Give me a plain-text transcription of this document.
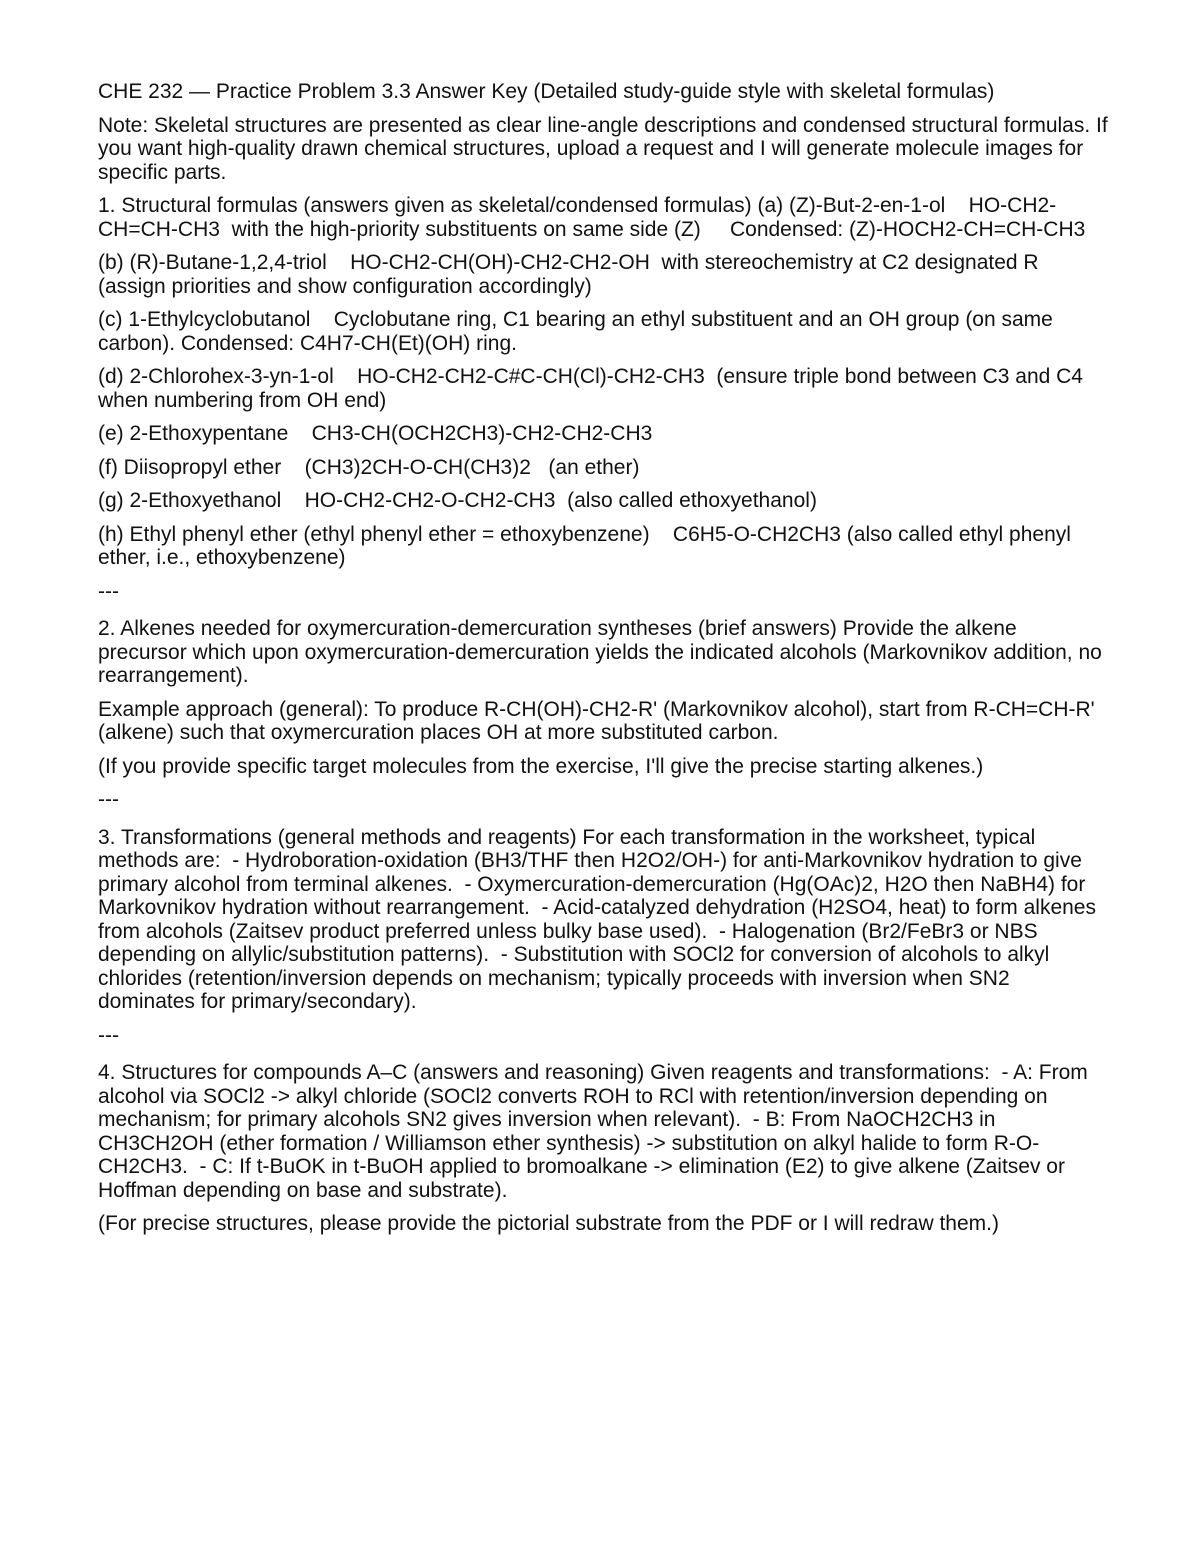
CHE 232 — Practice Problem 3.3 Answer Key (Detailed study-guide style with skeletal formulas)

Note: Skeletal structures are presented as clear line-angle descriptions and condensed structural formulas. If you want high-quality drawn chemical structures, upload a request and I will generate molecule images for specific parts.

1. Structural formulas (answers given as skeletal/condensed formulas) (a) (Z)-But-2-en-1-ol    HO-CH2-CH=CH-CH3  with the high-priority substituents on same side (Z)     Condensed: (Z)-HOCH2-CH=CH-CH3

(b) (R)-Butane-1,2,4-triol    HO-CH2-CH(OH)-CH2-CH2-OH  with stereochemistry at C2 designated R (assign priorities and show configuration accordingly)

(c) 1-Ethylcyclobutanol    Cyclobutane ring, C1 bearing an ethyl substituent and an OH group (on same carbon). Condensed: C4H7-CH(Et)(OH) ring.

(d) 2-Chlorohex-3-yn-1-ol    HO-CH2-CH2-C#C-CH(Cl)-CH2-CH3  (ensure triple bond between C3 and C4 when numbering from OH end)

(e) 2-Ethoxypentane    CH3-CH(OCH2CH3)-CH2-CH2-CH3

(f) Diisopropyl ether    (CH3)2CH-O-CH(CH3)2   (an ether)

(g) 2-Ethoxyethanol    HO-CH2-CH2-O-CH2-CH3  (also called ethoxyethanol)

(h) Ethyl phenyl ether (ethyl phenyl ether = ethoxybenzene)    C6H5-O-CH2CH3 (also called ethyl phenyl ether, i.e., ethoxybenzene)

---

2. Alkenes needed for oxymercuration-demercuration syntheses (brief answers) Provide the alkene precursor which upon oxymercuration-demercuration yields the indicated alcohols (Markovnikov addition, no rearrangement).

Example approach (general): To produce R-CH(OH)-CH2-R' (Markovnikov alcohol), start from R-CH=CH-R' (alkene) such that oxymercuration places OH at more substituted carbon.

(If you provide specific target molecules from the exercise, I'll give the precise starting alkenes.)

---

3. Transformations (general methods and reagents) For each transformation in the worksheet, typical methods are:  - Hydroboration-oxidation (BH3/THF then H2O2/OH-) for anti-Markovnikov hydration to give primary alcohol from terminal alkenes.  - Oxymercuration-demercuration (Hg(OAc)2, H2O then NaBH4) for Markovnikov hydration without rearrangement.  - Acid-catalyzed dehydration (H2SO4, heat) to form alkenes from alcohols (Zaitsev product preferred unless bulky base used).  - Halogenation (Br2/FeBr3 or NBS depending on allylic/substitution patterns).  - Substitution with SOCl2 for conversion of alcohols to alkyl chlorides (retention/inversion depends on mechanism; typically proceeds with inversion when SN2 dominates for primary/secondary).

---

4. Structures for compounds A–C (answers and reasoning) Given reagents and transformations:  - A: From alcohol via SOCl2 -> alkyl chloride (SOCl2 converts ROH to RCl with retention/inversion depending on mechanism; for primary alcohols SN2 gives inversion when relevant).  - B: From NaOCH2CH3 in CH3CH2OH (ether formation / Williamson ether synthesis) -> substitution on alkyl halide to form R-O-CH2CH3.  - C: If t-BuOK in t-BuOH applied to bromoalkane -> elimination (E2) to give alkene (Zaitsev or Hoffman depending on base and substrate).

(For precise structures, please provide the pictorial substrate from the PDF or I will redraw them.)
